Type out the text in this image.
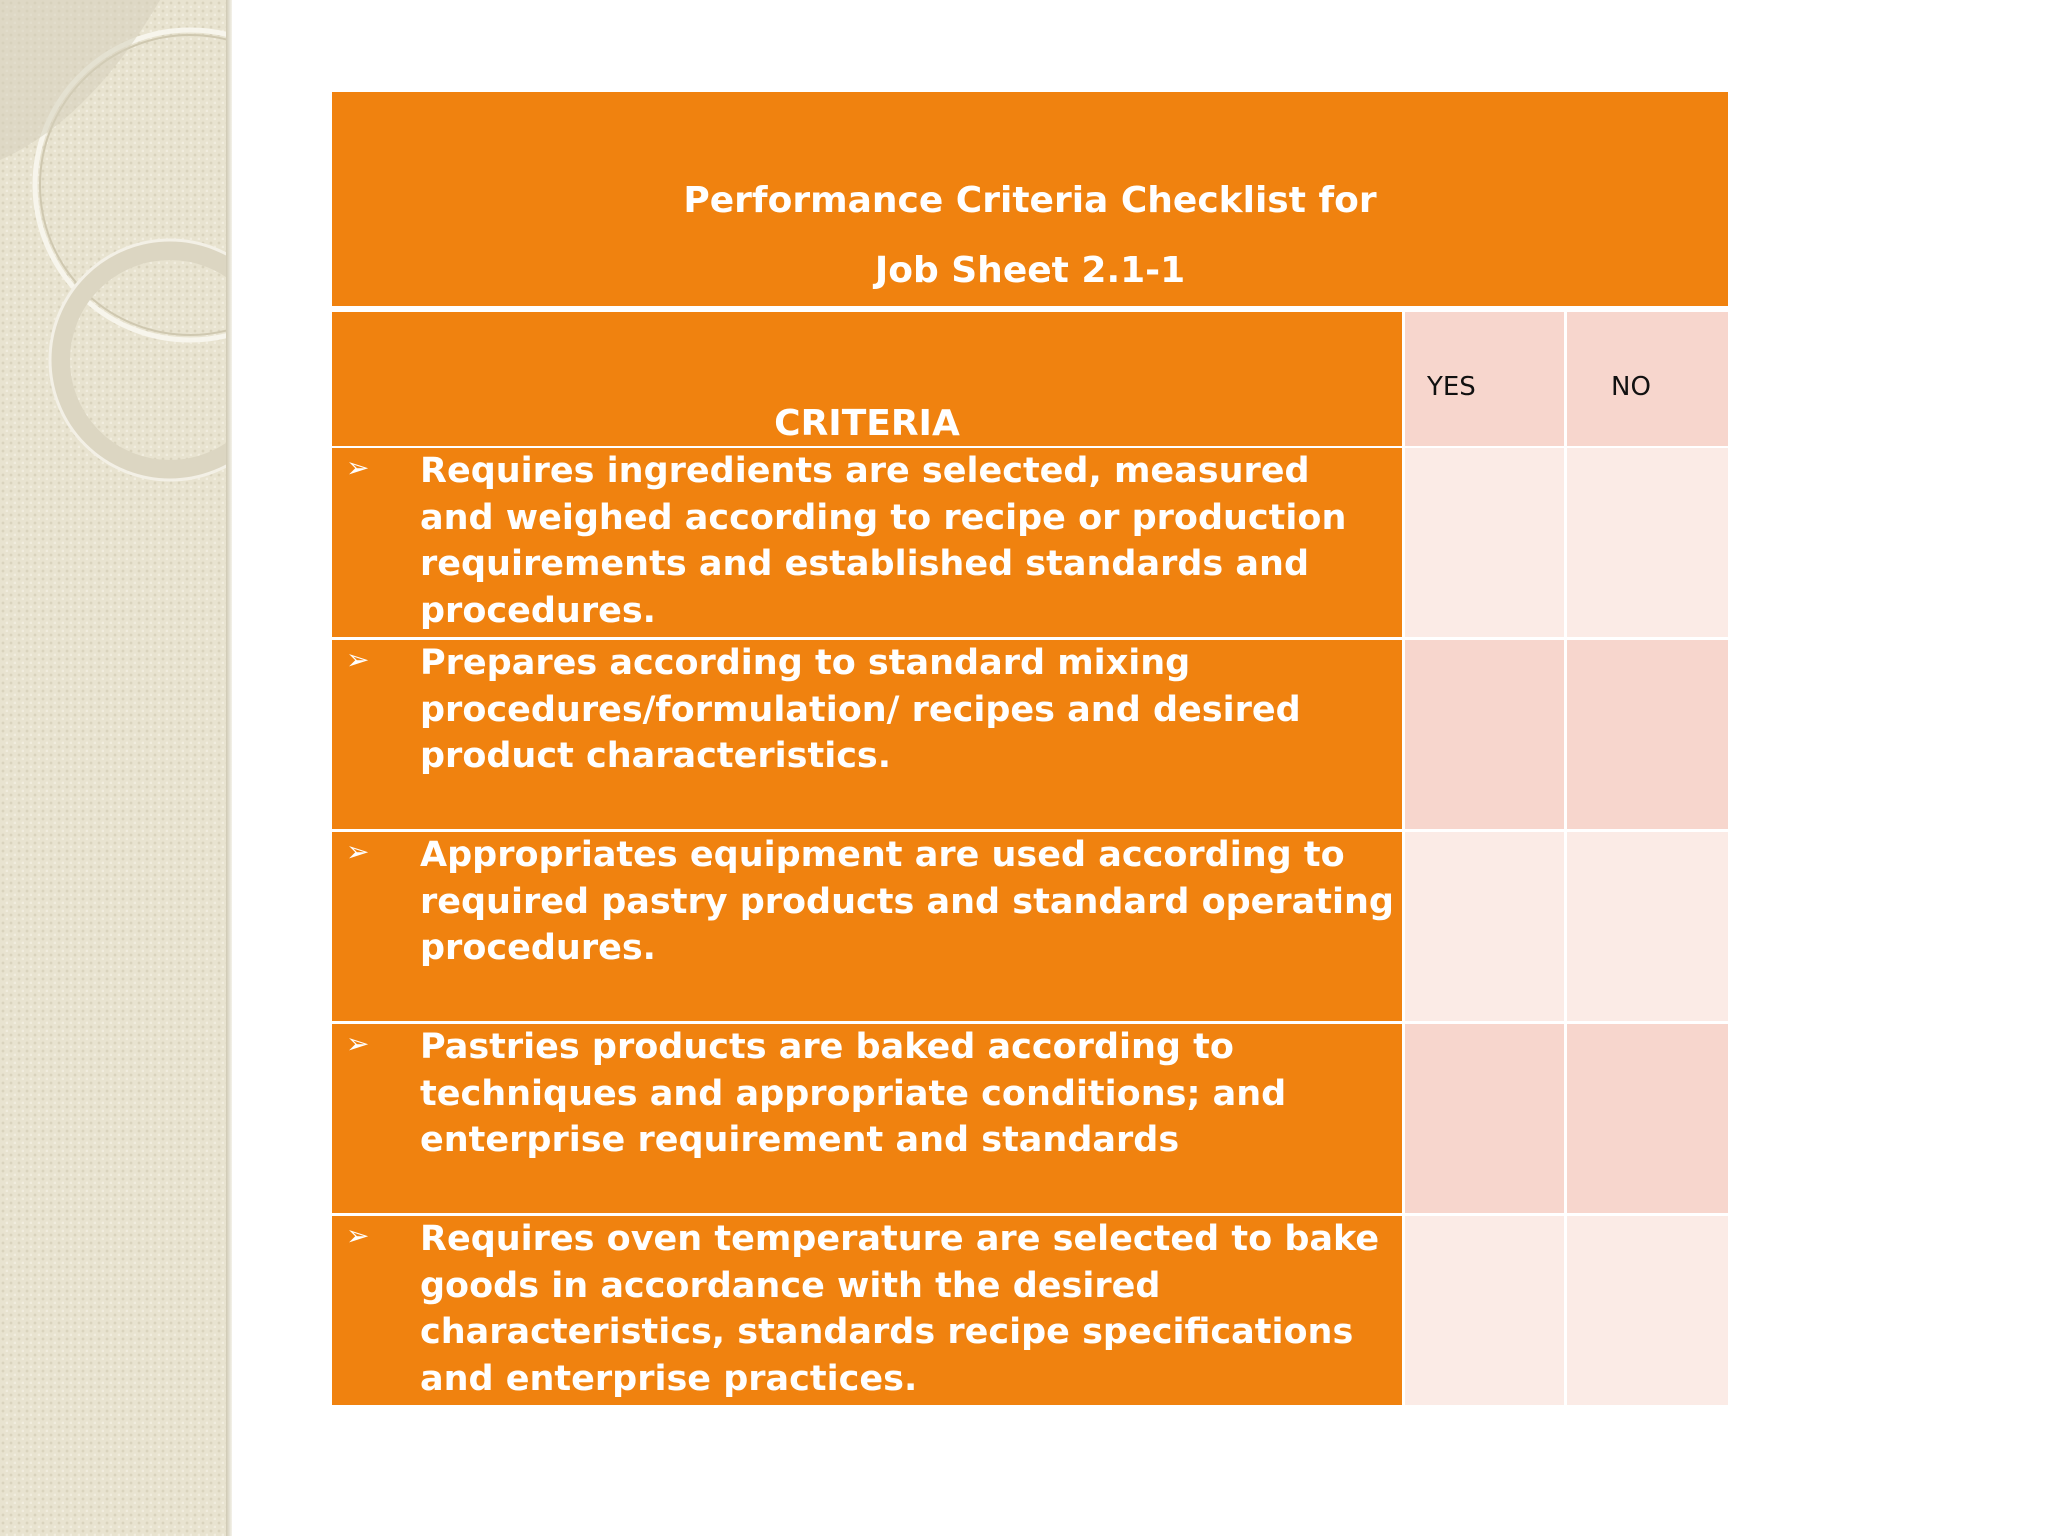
Performance Criteria Checklist for
Job Sheet 2.1-1		

CRITERIA	YES	NO

➢ Requires ingredients are selected, measured and weighed according to recipe or production requirements and established standards and procedures.		

➢ Prepares according to standard mixing procedures/formulation/ recipes and desired product characteristics.		

➢ Appropriates equipment are used according to required pastry products and standard operating procedures.		

➢ Pastries products are baked according to techniques and appropriate conditions; and enterprise requirement and standards		

➢ Requires oven temperature are selected to bake goods in accordance with the desired characteristics, standards recipe specifications and enterprise practices.		
